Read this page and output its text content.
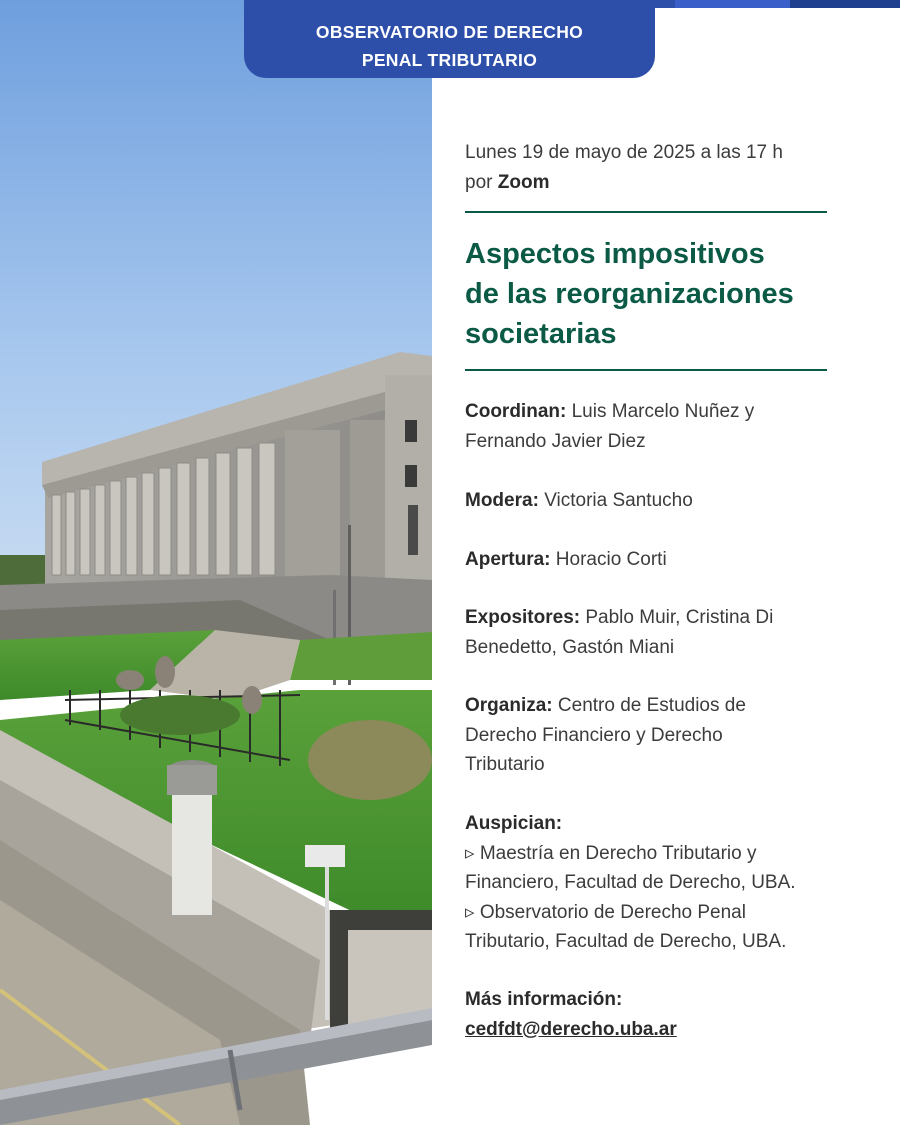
OBSERVATORIO DE DERECHO
PENAL TRIBUTARIO
Lunes 19 de mayo de 2025 a las 17 h
por Zoom
Aspectos impositivos
de las reorganizaciones
societarias
Coordinan: Luis Marcelo Nuñez y
Fernando Javier Diez
Modera: Victoria Santucho
Apertura: Horacio Corti
Expositores: Pablo Muir, Cristina Di
Benedetto, Gastón Miani
Organiza: Centro de Estudios de
Derecho Financiero y Derecho
Tributario
Auspician:
▹ Maestría en Derecho Tributario y
Financiero, Facultad de Derecho, UBA.
▹ Observatorio de Derecho Penal
Tributario, Facultad de Derecho, UBA.
Más información:
cedfdt@derecho.uba.ar
